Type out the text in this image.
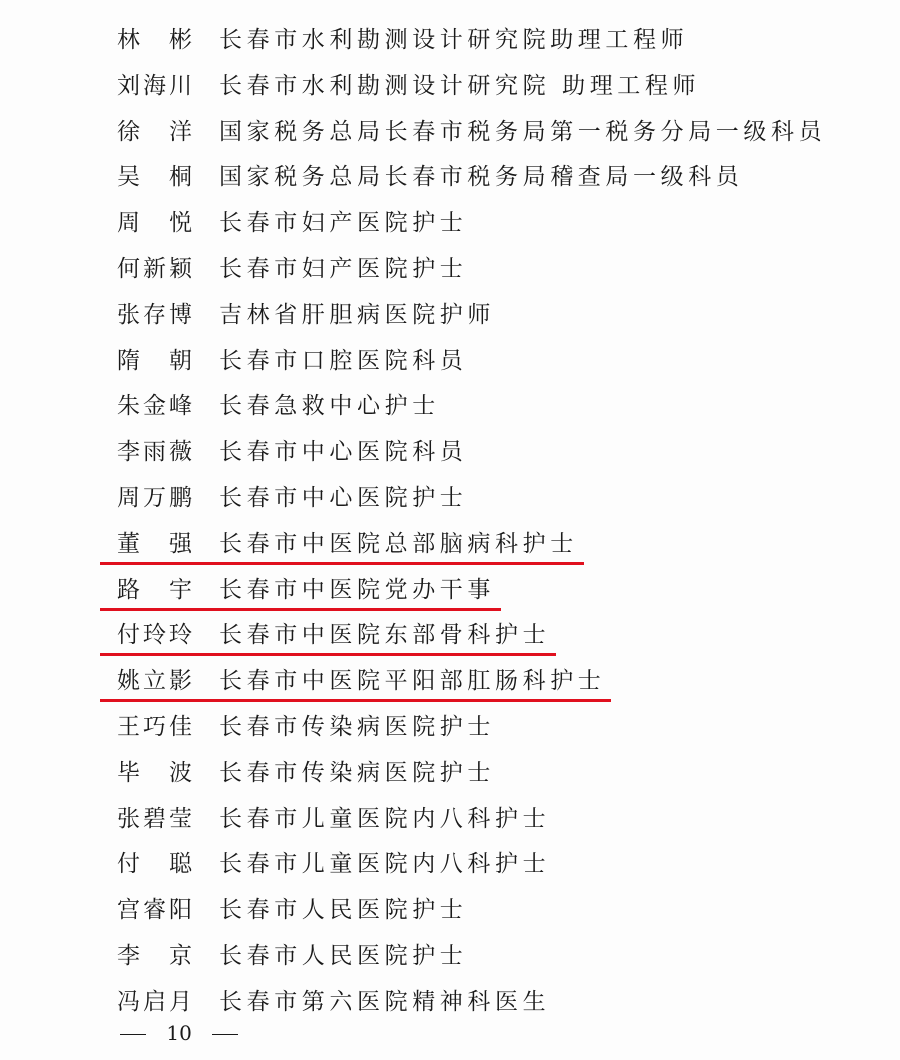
林 彬 长春市水利勘测设计研究院助理工程师
刘海川 长春市水利勘测设计研究院 助理工程师
徐 洋 国家税务总局长春市税务局第一税务分局一级科员
吴 桐 国家税务总局长春市税务局稽查局一级科员
周 悦 长春市妇产医院护士
何新颖 长春市妇产医院护士
张存博 吉林省肝胆病医院护师
隋 朝 长春市口腔医院科员
朱金峰 长春急救中心护士
李雨薇 长春市中心医院科员
周万鹏 长春市中心医院护士
董 强 长春市中医院总部脑病科护士
路 宇 长春市中医院党办干事
付玲玲 长春市中医院东部骨科护士
姚立影 长春市中医院平阳部肛肠科护士
王巧佳 长春市传染病医院护士
毕 波 长春市传染病医院护士
张碧莹 长春市儿童医院内八科护士
付 聪 长春市儿童医院内八科护士
宫睿阳 长春市人民医院护士
李 京 长春市人民医院护士
冯启月 长春市第六医院精神科医生
10
